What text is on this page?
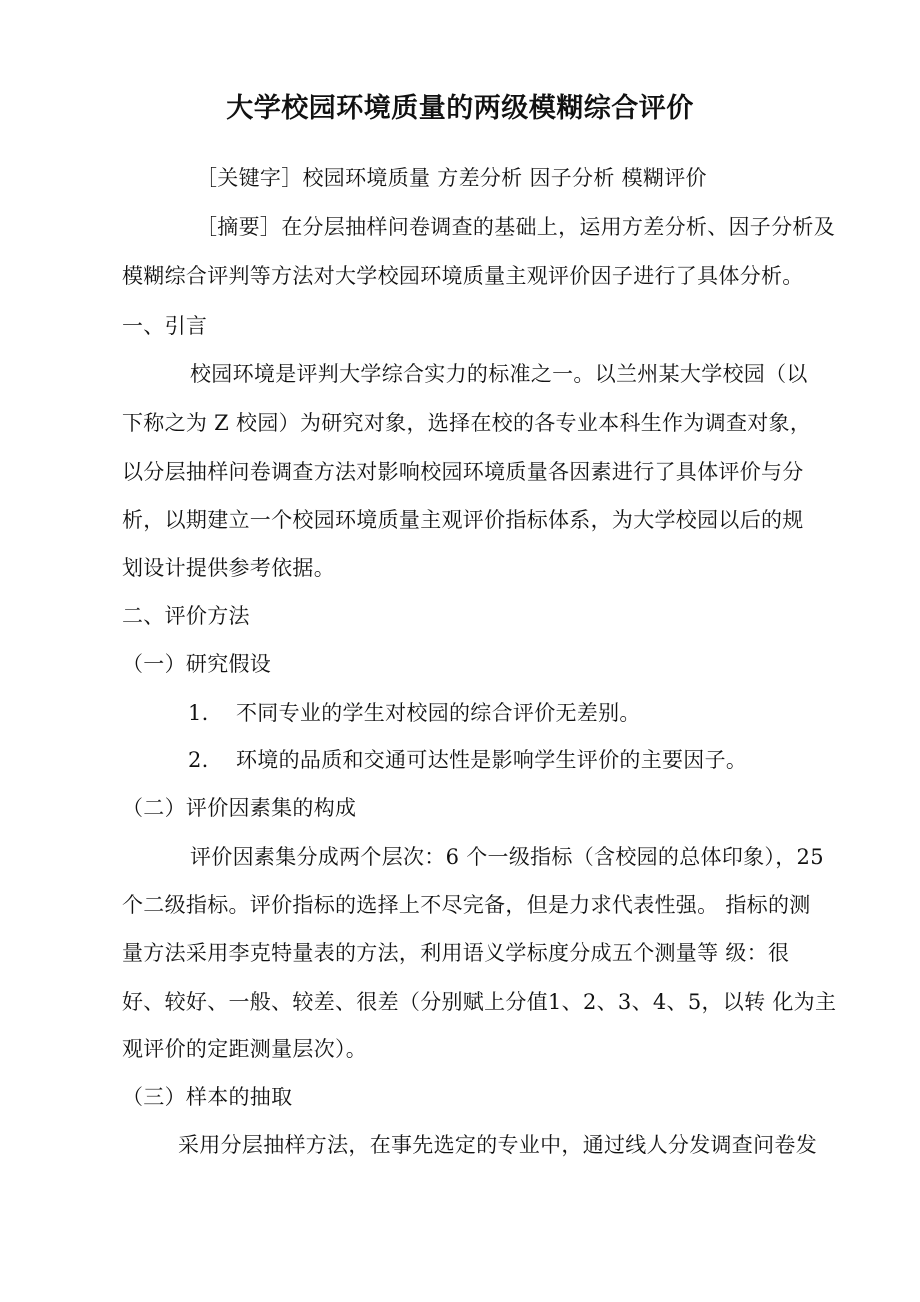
大学校园环境质量的两级模糊综合评价
［关键字］校园环境质量 方差分析 因子分析 模糊评价
［摘要］在分层抽样问卷调查的基础上，运用方差分析、因子分析及
模糊综合评判等方法对大学校园环境质量主观评价因子进行了具体分析。
一、引言
校园环境是评判大学综合实力的标准之一。以兰州某大学校园（以
下称之为 Z 校园）为研究对象，选择在校的各专业本科生作为调查对象，
以分层抽样问卷调查方法对影响校园环境质量各因素进行了具体评价与分
析，以期建立一个校园环境质量主观评价指标体系，为大学校园以后的规
划设计提供参考依据。
二、评价方法
（一）研究假设
1. 不同专业的学生对校园的综合评价无差别。
2. 环境的品质和交通可达性是影响学生评价的主要因子。
（二）评价因素集的构成
评价因素集分成两个层次：6 个一级指标（含校园的总体印象），25
个二级指标。评价指标的选择上不尽完备，但是力求代表性强。 指标的测
量方法采用李克特量表的方法，利用语义学标度分成五个测量等 级：很
好、较好、一般、较差、很差（分别赋上分值1、2、3、4、5，以转 化为主
观评价的定距测量层次）。
（三）样本的抽取
采用分层抽样方法，在事先选定的专业中，通过线人分发调查问卷发
